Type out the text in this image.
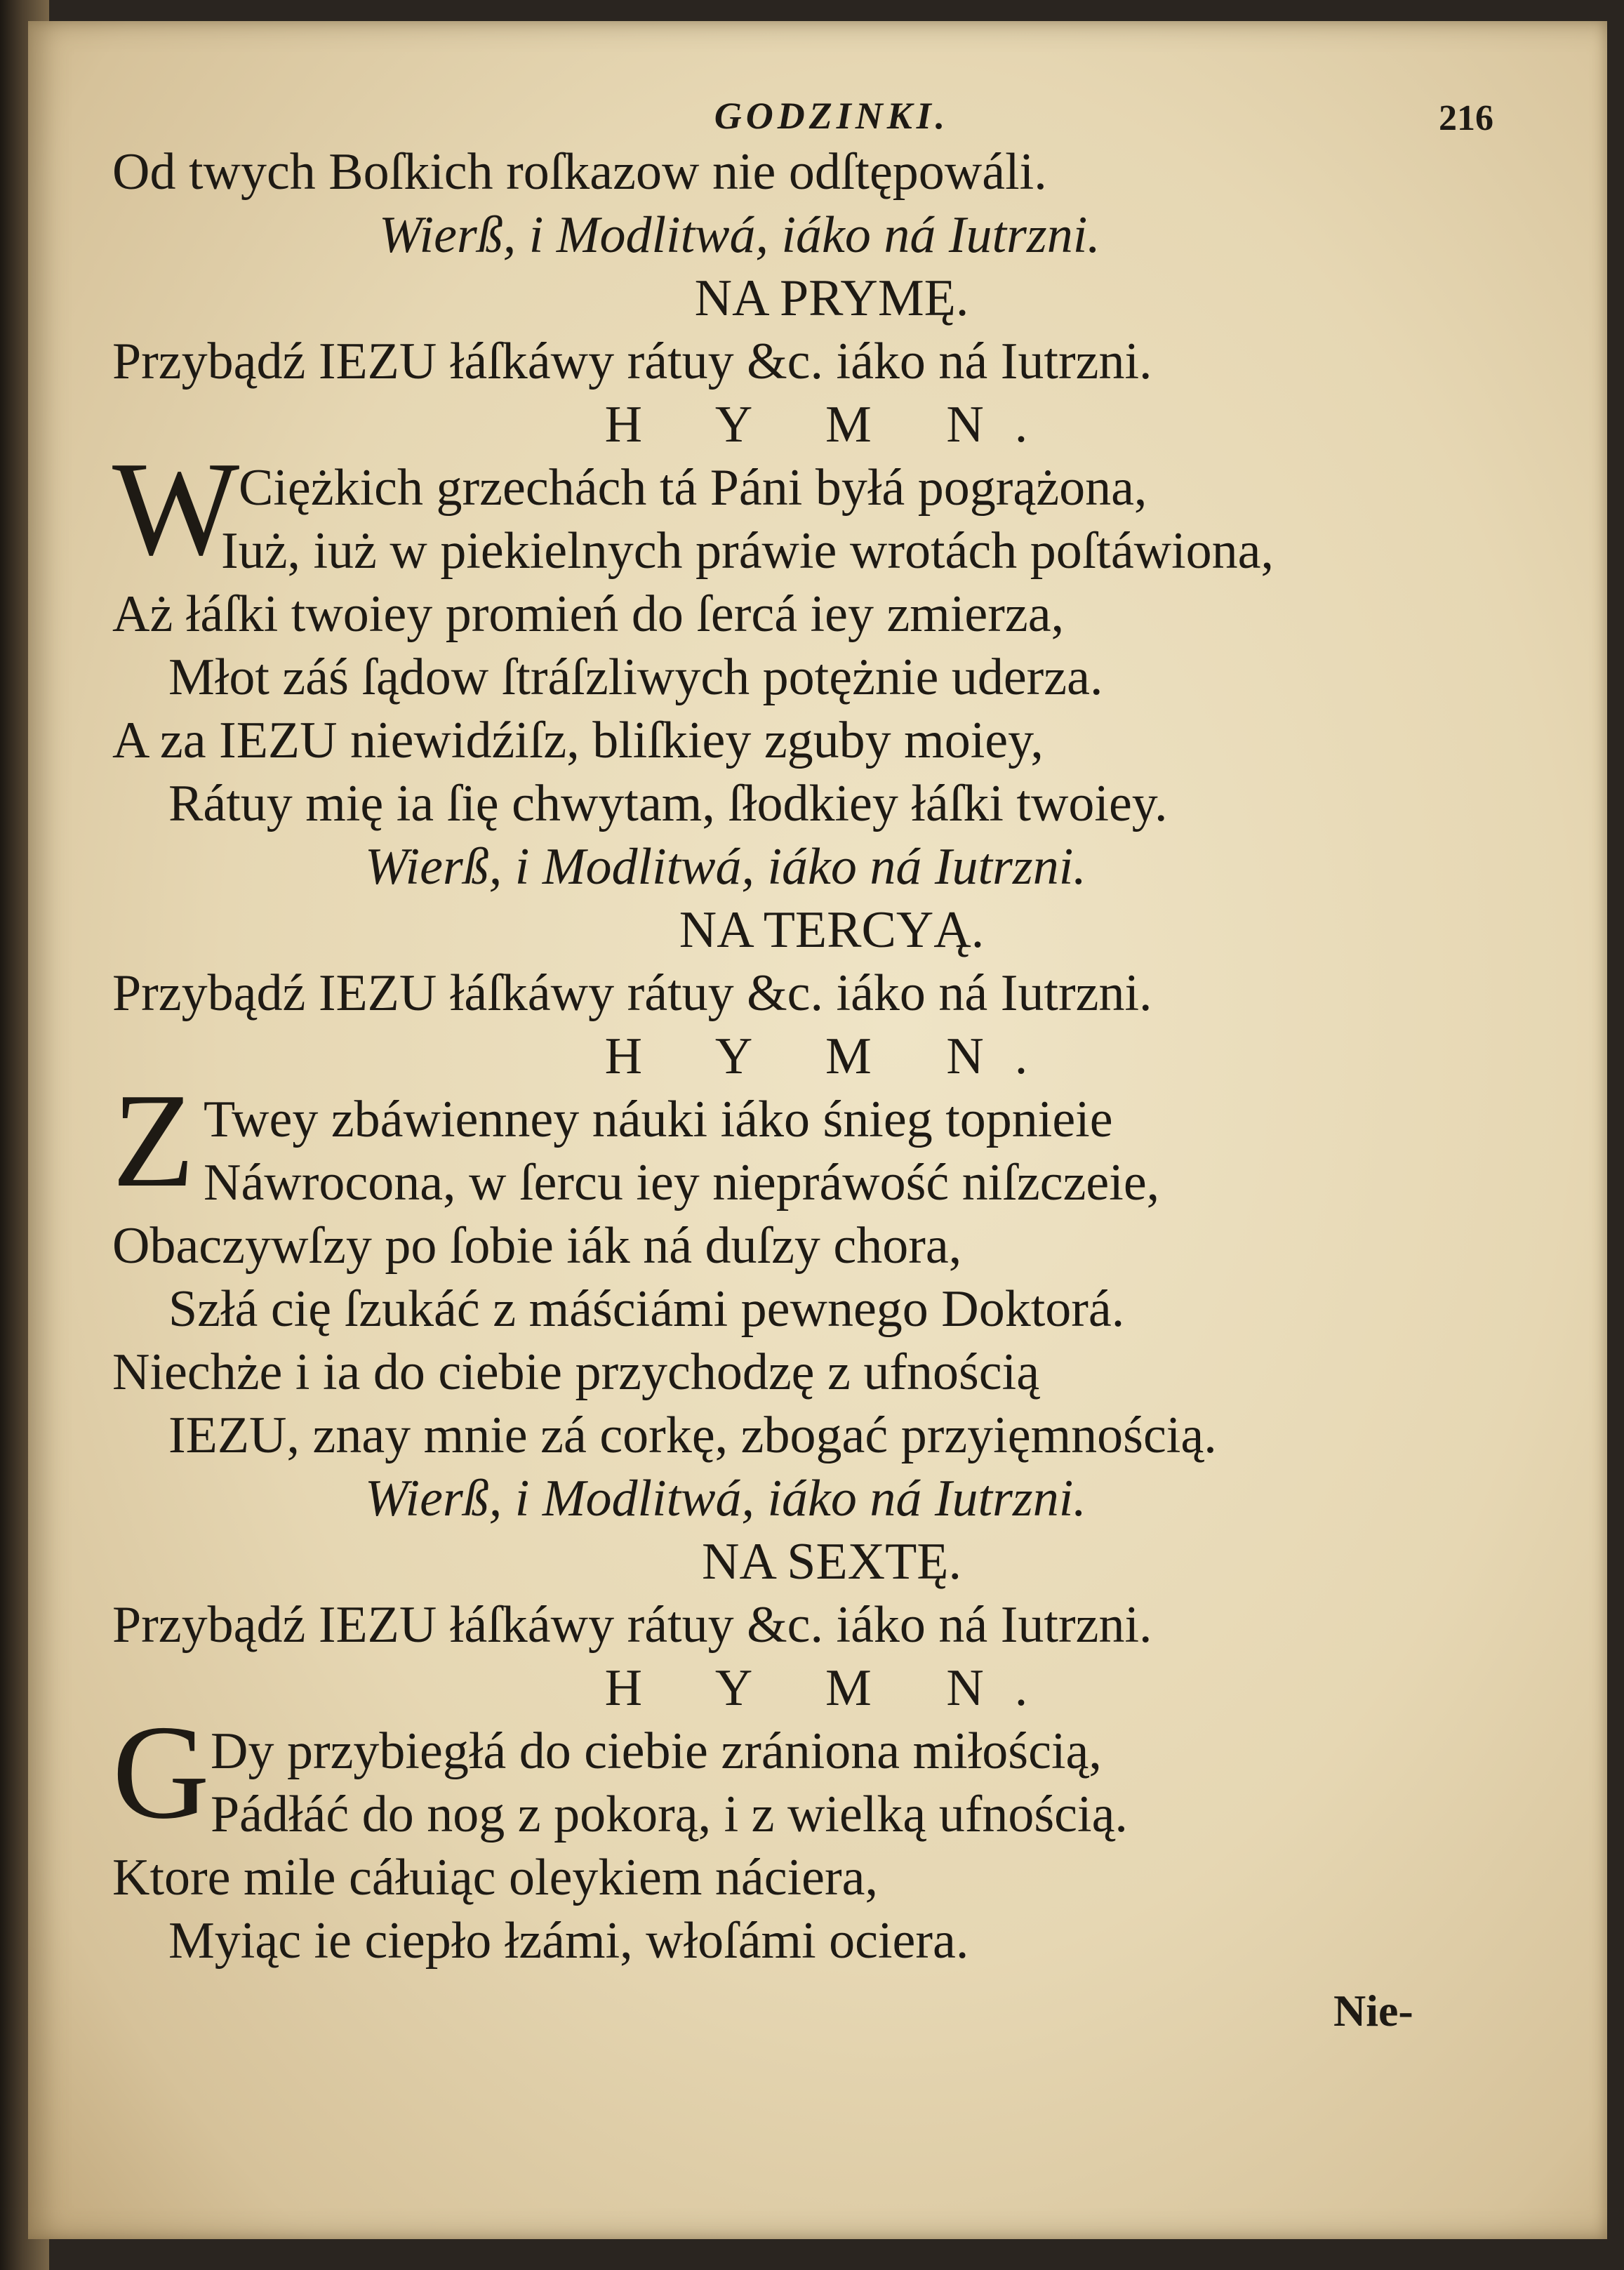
GODZINKI.	216
Od twych Boſkich roſkazow nie odſtępowáli.
Wierß, i Modlitwá, iáko ná Iutrzni.
NA PRYMĘ.
Przybądź IEZU łáſkáwy rátuy &c. iáko ná Iutrzni.
H Y M N.
W
Ciężkich grzechách tá Páni byłá pogrążona,
Iuż, iuż w piekielnych práwie wrotách poſtáwiona,
Aż łáſki twoiey promień do ſercá iey zmierza,
Młot záś ſądow ſtráſzliwych potężnie uderza.
A za IEZU niewidźiſz, bliſkiey zguby moiey,
Rátuy mię ia ſię chwytam, ſłodkiey łáſki twoiey.
Wierß, i Modlitwá, iáko ná Iutrzni.
NA TERCYĄ.
Przybądź IEZU łáſkáwy rátuy &c. iáko ná Iutrzni.
H Y M N.
Z Twey zbáwienney náuki iáko śnieg topnieie
Náwrocona, w ſercu iey niepráwość niſzczeie,
Obaczywſzy po ſobie iák ná duſzy chora,
Szłá cię ſzukáć z máściámi pewnego Doktorá.
Niechże i ia do ciebie przychodzę z ufnością
IEZU, znay mnie zá corkę, zbogać przyięmnością.
Wierß, i Modlitwá, iáko ná Iutrzni.
NA SEXTĘ.
Przybądź IEZU łáſkáwy rátuy &c. iáko ná Iutrzni.
H Y M N.
G Dy przybiegłá do ciebie zrániona miłością,
Pádłáć do nog z pokorą, i z wielką ufnością.
Ktore mile cáłuiąc oleykiem náciera,
Myiąc ie ciepło łzámi, włoſámi ociera.
Nie-
